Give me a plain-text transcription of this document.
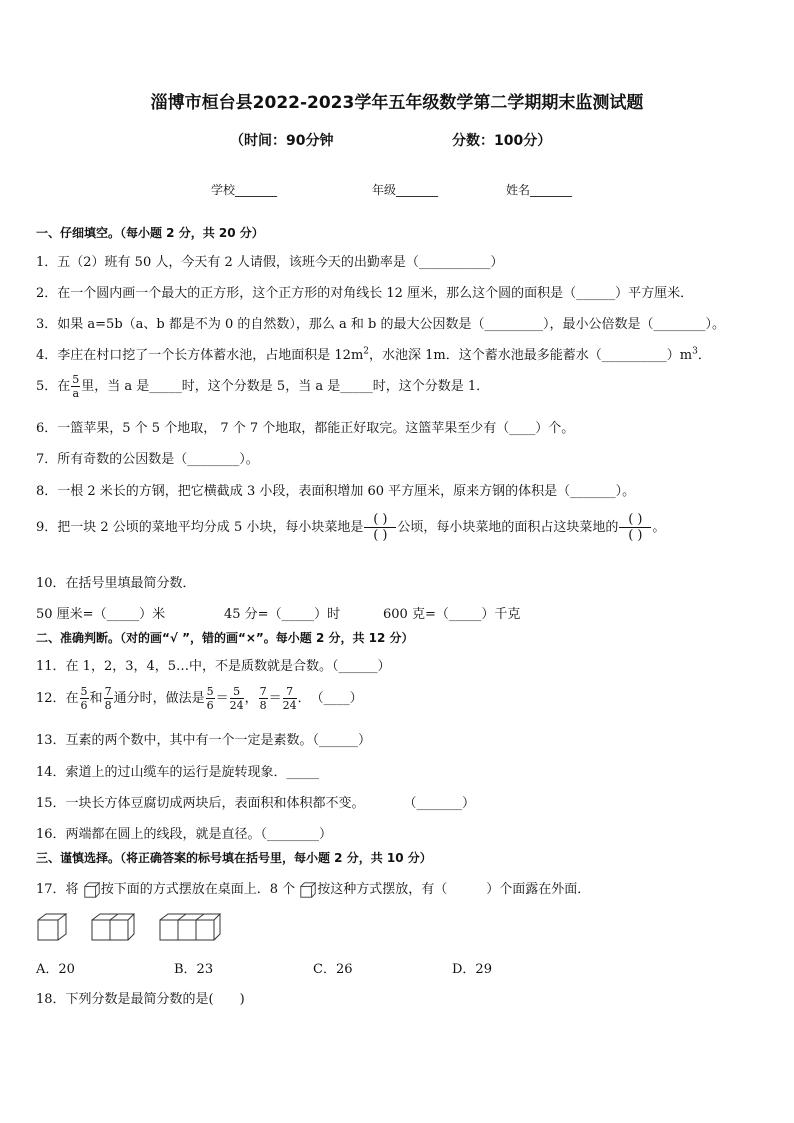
淄博市桓台县2022-2023学年五年级数学第二学期期末监测试题
（时间：90分钟	分数：100分）
学校_______	年级_______	姓名_______
一、仔细填空。（每小题 2 分，共 20 分）
1．五（2）班有 50 人，今天有 2 人请假，该班今天的出勤率是（___________）
2．在一个圆内画一个最大的正方形，这个正方形的对角线长 12 厘米，那么这个圆的面积是（______）平方厘米．
3．如果 a=5b（a、b 都是不为 0 的自然数），那么 a 和 b 的最大公因数是（_________），最小公倍数是（________）。
4．李庄在村口挖了一个长方体蓄水池，占地面积是 $12m^2$，水池深 1m．这个蓄水池最多能蓄水$(\_\_\_\_\_\_\_\_\_\_)m^3$．
5．在 $\frac{5}{a}$ 里，当 a 是_____时，这个分数是 5，当 a 是_____时，这个分数是 1．
6．一篮苹果，5 个 5 个地取， 7 个 7 个地取，都能正好取完。这篮苹果至少有（____）个。
7．所有奇数的公因数是（________）。
8．一根 2 米长的方钢，把它横截成 3 小段，表面积增加 60 平方厘米，原来方钢的体积是（_______）。
9．把一块 2 公顷的菜地平均分成 5 小块，每小块菜地是 $\frac{( )}{( )}$ 公顷，每小块菜地的面积占这块菜地的 $\frac{( )}{( )}$ 。
10．在括号里填最简分数．
50 厘米=（_____）米	45 分=（_____）时	600 克=（_____）千克
二、准确判断。（对的画“√ ”，错的画“×”。每小题 2 分，共 12 分）
11．在 1，2，3，4，5…中，不是质数就是合数。（______）
12．在 $\frac{5}{6}$ 和 $\frac{7}{8}$ 通分时，做法是 $\frac{5}{6} = \frac{5}{24}$ ， $\frac{7}{8} = \frac{7}{24}$ ．　（____）
13．互素的两个数中，其中有一个一定是素数。（______）
14．索道上的过山缆车的运行是旋转现象．_____
15．一块长方体豆腐切成两块后，表面积和体积都不变。　　　　（_______）
16．两端都在圆上的线段，就是直径。（________）
三、谨慎选择。（将正确答案的标号填在括号里，每小题 2 分，共 10 分）
17．将 按下面的方式摆放在桌面上．8 个 按这种方式摆放，有（　　　）个面露在外面．
A．20	B．23	C．26	D．29
18．下列分数是最简分数的是(　　)
